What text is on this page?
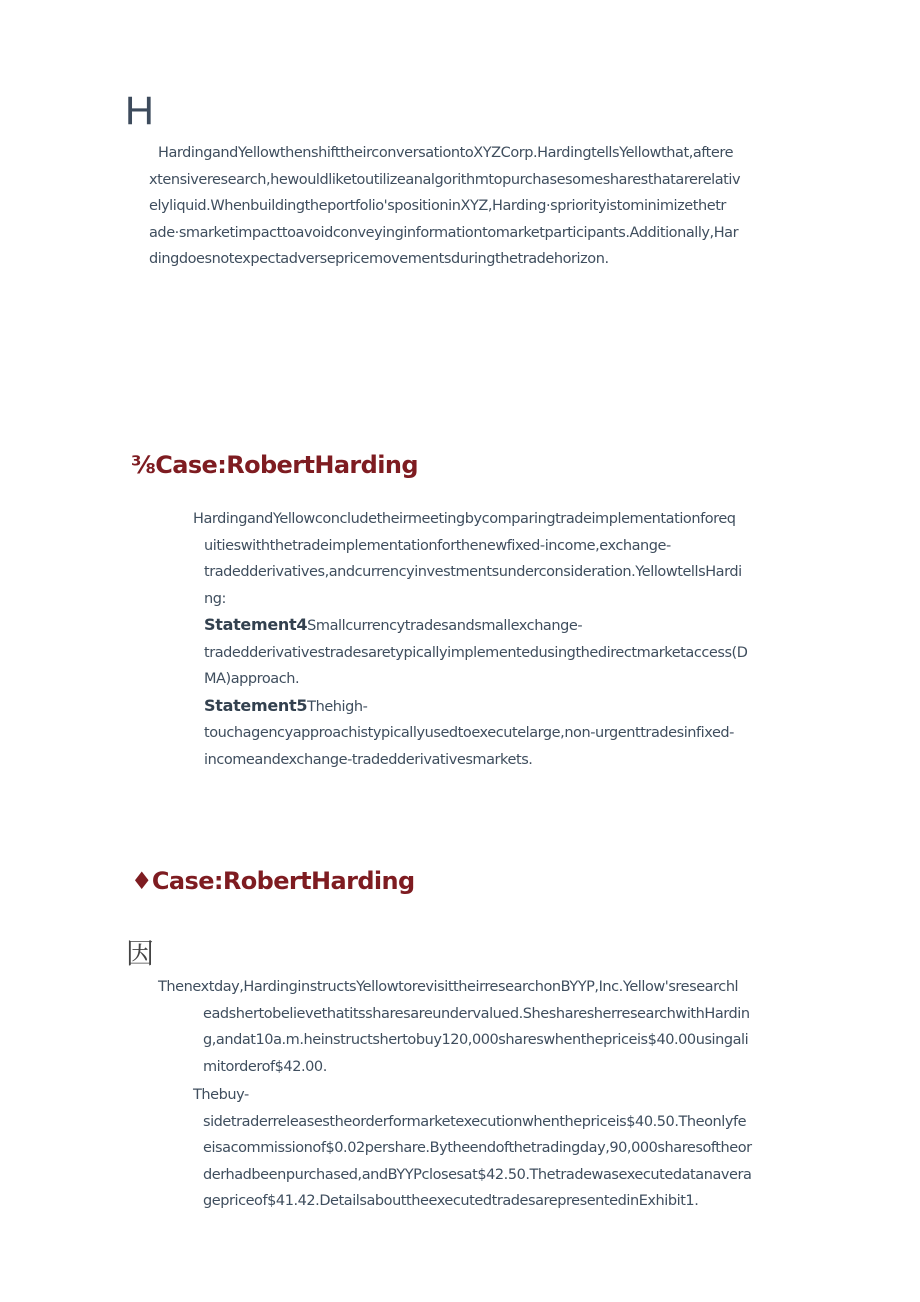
H
HardingandYellowthenshifttheirconversationtoXYZCorp.HardingtellsYellowthat,aftere
xtensiveresearch,hewouldliketoutilizeanalgorithmtopurchasesomesharesthatarerelativ
elyliquid.Whenbuildingtheportfolio'spositioninXYZ,Harding·spriorityistominimizethetr
ade·smarketimpacttoavoidconveyinginformationtomarketparticipants.Additionally,Har
dingdoesnotexpectadversepricemovementsduringthetradehorizon.
⅜Case:RobertHarding
HardingandYellowconcludetheirmeetingbycomparingtradeimplementationforeq
uitieswiththetradeimplementationforthenewfixed-income,exchange-
tradedderivatives,andcurrencyinvestmentsunderconsideration.YellowtellsHardi
ng:
Statement4Smallcurrencytradesandsmallexchange-
tradedderivativestradesaretypicallyimplementedusingthedirectmarketaccess(D
MA)approach.
Statement5Thehigh-
touchagencyapproachistypicallyusedtoexecutelarge,non-urgenttradesinfixed-
incomeandexchange-tradedderivativesmarkets.
♦Case:RobertHarding
因
Thenextday,HardinginstructsYellowtorevisittheirresearchonBYYP,Inc.Yellow'sresearchl
eadshertobelievethatitssharesareundervalued.ShesharesherresearchwithHardin
g,andat10a.m.heinstructshertobuy120,000shareswhenthepriceis$40.00usingali
mitorderof$42.00.
Thebuy-
sidetraderreleasestheorderformarketexecutionwhenthepriceis$40.50.Theonlyfe
eisacommissionof$0.02pershare.Bytheendofthetradingday,90,000sharesoftheor
derhadbeenpurchased,andBYYPclosesat$42.50.Thetradewasexecutedatanavera
gepriceof$41.42.DetailsabouttheexecutedtradesarepresentedinExhibit1.
